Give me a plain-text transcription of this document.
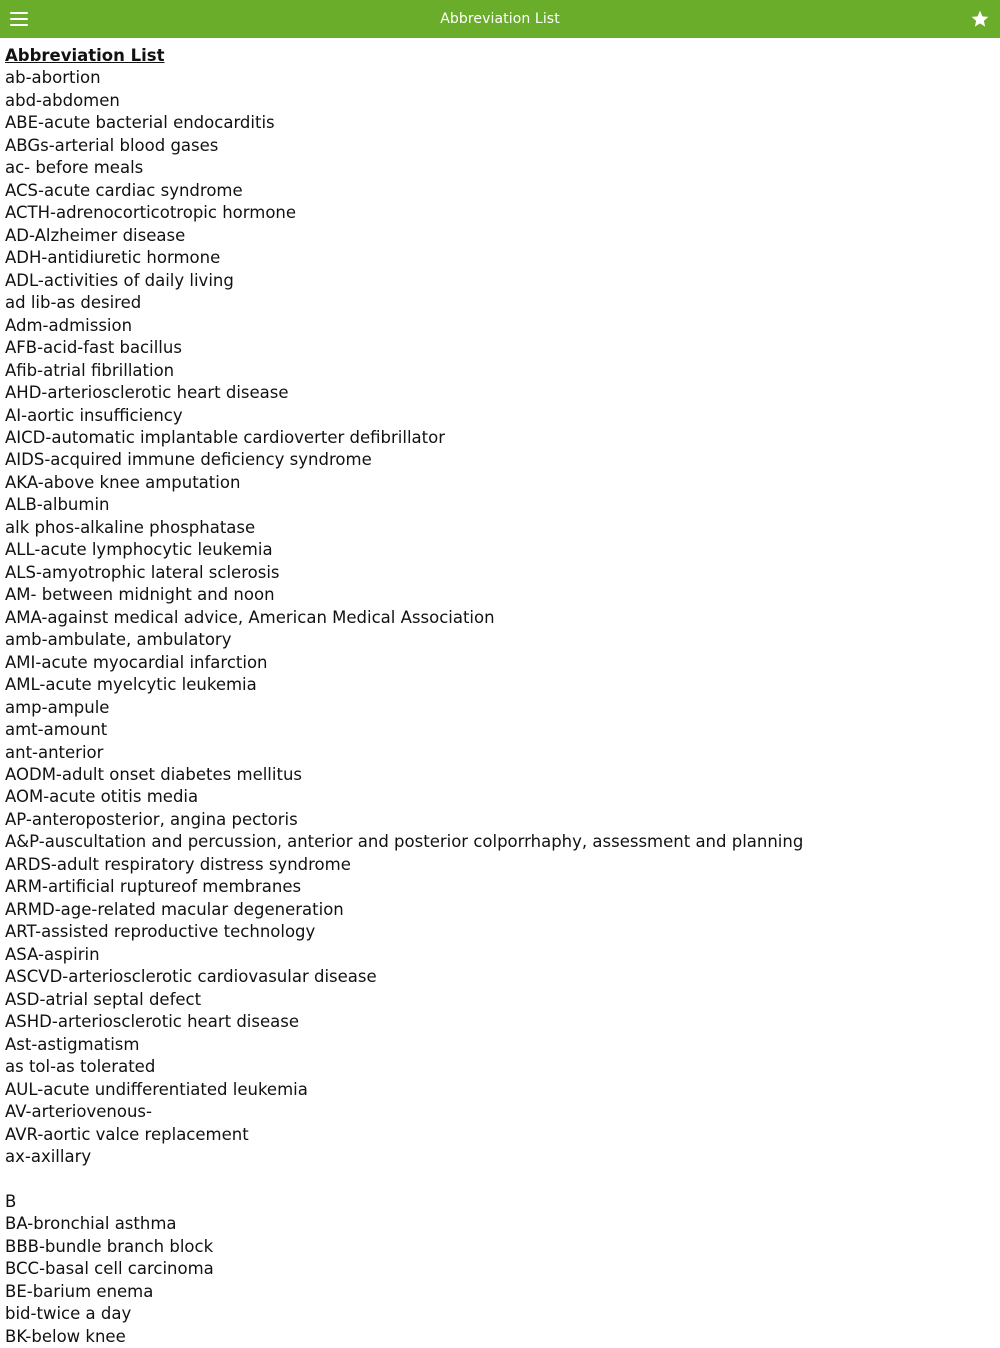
Abbreviation List
Abbreviation List
ab-abortion
abd-abdomen
ABE-acute bacterial endocarditis
ABGs-arterial blood gases
ac- before meals
ACS-acute cardiac syndrome
ACTH-adrenocorticotropic hormone
AD-Alzheimer disease
ADH-antidiuretic hormone
ADL-activities of daily living
ad lib-as desired
Adm-admission
AFB-acid-fast bacillus
Afib-atrial fibrillation
AHD-arteriosclerotic heart disease
AI-aortic insufficiency
AICD-automatic implantable cardioverter defibrillator
AIDS-acquired immune deficiency syndrome
AKA-above knee amputation
ALB-albumin
alk phos-alkaline phosphatase
ALL-acute lymphocytic leukemia
ALS-amyotrophic lateral sclerosis
AM- between midnight and noon
AMA-against medical advice, American Medical Association
amb-ambulate, ambulatory
AMI-acute myocardial infarction
AML-acute myelcytic leukemia
amp-ampule
amt-amount
ant-anterior
AODM-adult onset diabetes mellitus
AOM-acute otitis media
AP-anteroposterior, angina pectoris
A&P-auscultation and percussion, anterior and posterior colporrhaphy, assessment and planning
ARDS-adult respiratory distress syndrome
ARM-artificial ruptureof membranes
ARMD-age-related macular degeneration
ART-assisted reproductive technology
ASA-aspirin
ASCVD-arteriosclerotic cardiovasular disease
ASD-atrial septal defect
ASHD-arteriosclerotic heart disease
Ast-astigmatism
as tol-as tolerated
AUL-acute undifferentiated leukemia
AV-arteriovenous-
AVR-aortic valce replacement
ax-axillary
B
BA-bronchial asthma
BBB-bundle branch block
BCC-basal cell carcinoma
BE-barium enema
bid-twice a day
BK-below knee
